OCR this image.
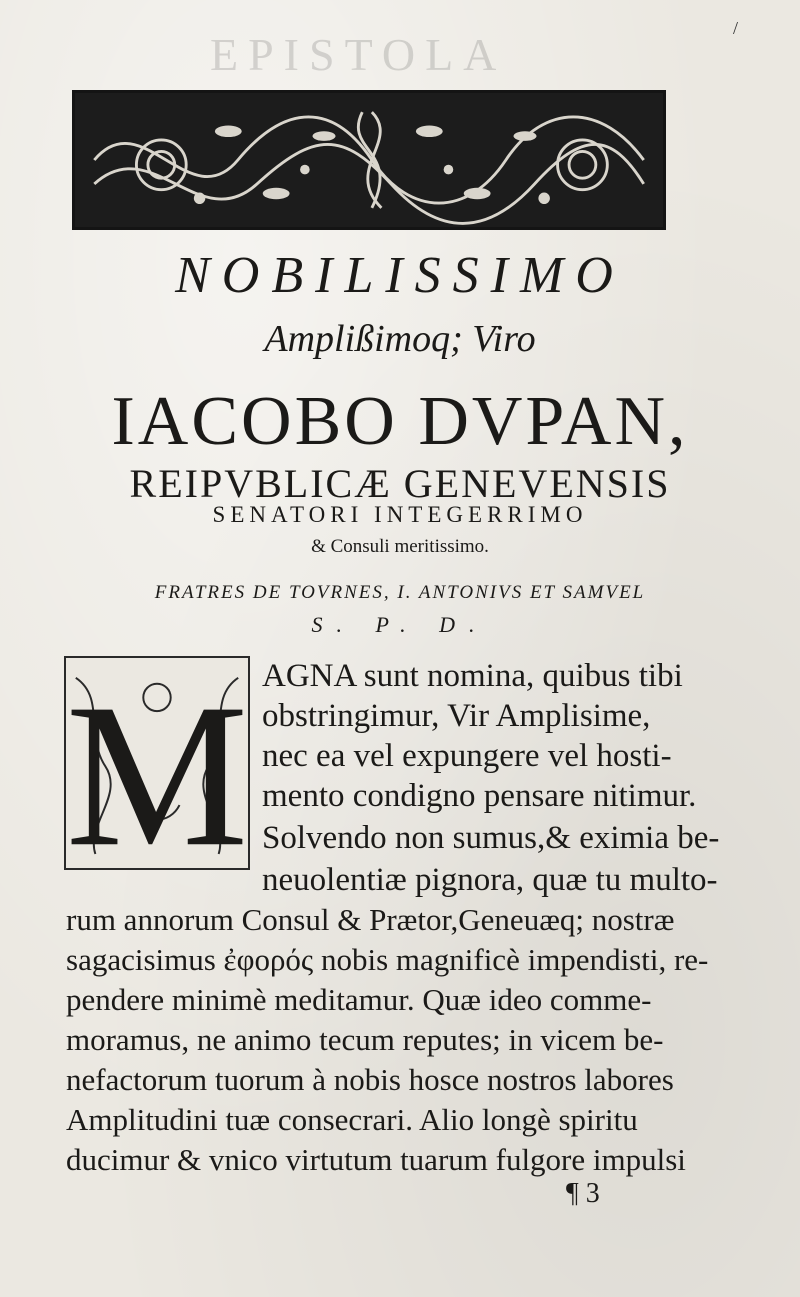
EPISTOLA
/
NOBILISSIMO
Amplißimoq; Viro
IACOBO DVPAN,
REIPVBLICÆ GENEVENSIS
SENATORI INTEGERRIMO
& Consuli meritissimo.
FRATRES DE TOVRNES, I. ANTONIVS ET SAMVEL
S. P. D.
M AGNA sunt nomina, quibus tibi
obstringimur, Vir Amplisime,
nec ea vel expungere vel hosti-
mento condigno pensare nitimur.
Solvendo non sumus,& eximia be-
neuolentiæ pignora, quæ tu multo-
rum annorum Consul & Prætor,Geneuæq; nostræ
sagacisimus ἐφορός nobis magnificè impendisti, re-
pendere minimè meditamur. Quæ ideo comme-
moramus, ne animo tecum reputes; in vicem be-
nefactorum tuorum à nobis hosce nostros labores
Amplitudini tuæ consecrari. Alio longè spiritu
ducimur & vnico virtutum tuarum fulgore impulsi
¶ 3
